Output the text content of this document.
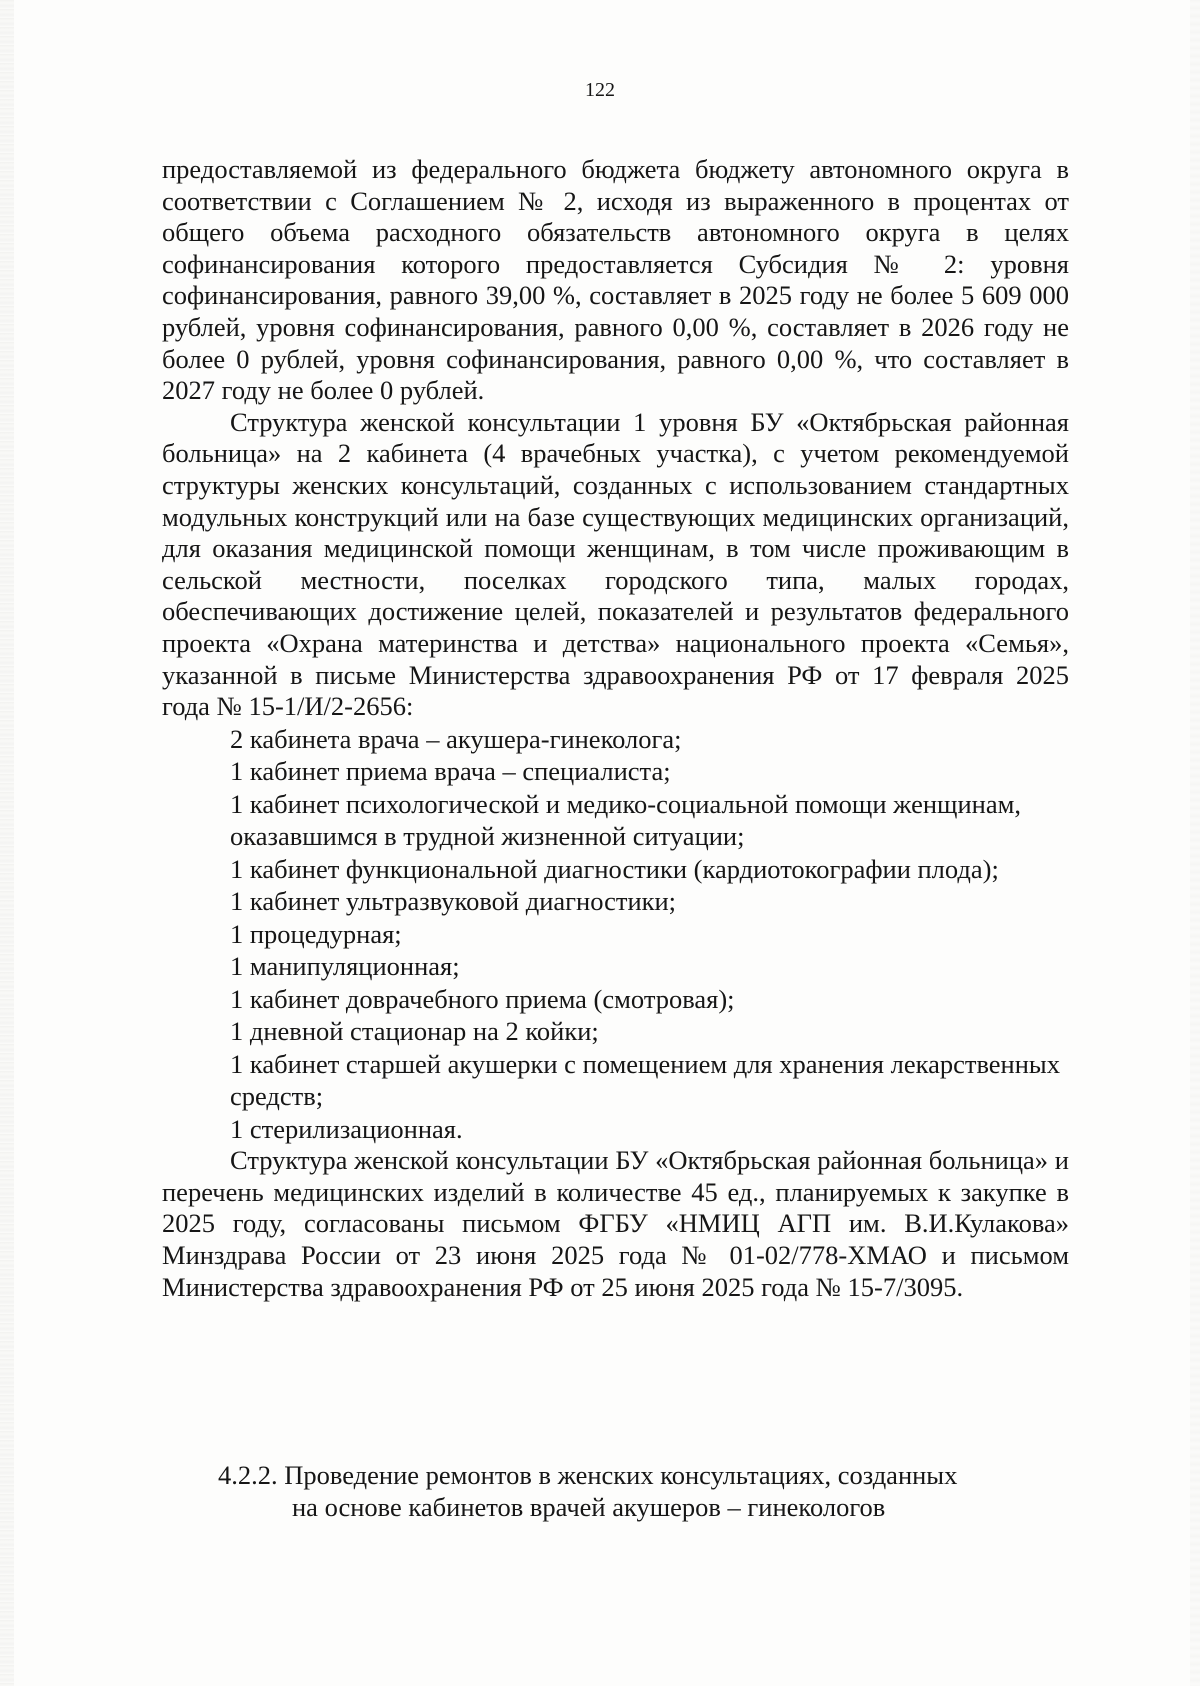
122

предоставляемой из федерального бюджета бюджету автономного округа в соответствии с Соглашением № 2, исходя из выраженного в процентах от общего объема расходного обязательств автономного округа в целях софинансирования которого предоставляется Субсидия № 2: уровня софинансирования, равного 39,00 %, составляет в 2025 году не более 5 609 000 рублей, уровня софинансирования, равного 0,00 %, составляет в 2026 году не более 0 рублей, уровня софинансирования, равного 0,00 %, что составляет в 2027 году не более 0 рублей.

Структура женской консультации 1 уровня БУ «Октябрьская районная больница» на 2 кабинета (4 врачебных участка), с учетом рекомендуемой структуры женских консультаций, созданных с использованием стандартных модульных конструкций или на базе существующих медицинских организаций, для оказания медицинской помощи женщинам, в том числе проживающим в сельской местности, поселках городского типа, малых городах, обеспечивающих достижение целей, показателей и результатов федерального проекта «Охрана материнства и детства» национального проекта «Семья», указанной в письме Министерства здравоохранения РФ от 17 февраля 2025 года № 15-1/И/2-2656:

2 кабинета врача – акушера-гинеколога;
1 кабинет приема врача – специалиста;
1 кабинет психологической и медико-социальной помощи женщинам,
оказавшимся в трудной жизненной ситуации;
1 кабинет функциональной диагностики (кардиотокографии плода);
1 кабинет ультразвуковой диагностики;
1 процедурная;
1 манипуляционная;
1 кабинет доврачебного приема (смотровая);
1 дневной стационар на 2 койки;
1 кабинет старшей акушерки с помещением для хранения лекарственных
средств;
1 стерилизационная.

Структура женской консультации БУ «Октябрьская районная больница» и перечень медицинских изделий в количестве 45 ед., планируемых к закупке в 2025 году, согласованы письмом ФГБУ «НМИЦ АГП им. В.И.Кулакова» Минздрава России от 23 июня 2025 года № 01-02/778-ХМАО и письмом Министерства здравоохранения РФ от 25 июня 2025 года № 15-7/3095.

4.2.2. Проведение ремонтов в женских консультациях, созданных
на основе кабинетов врачей акушеров – гинекологов
